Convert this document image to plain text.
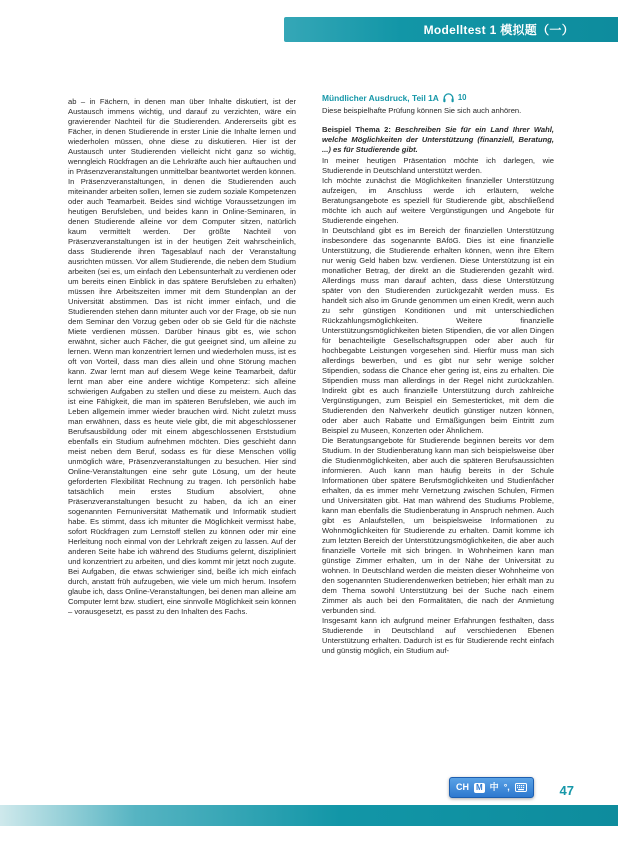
Modelltest 1 模拟题（一）

ab – in Fächern, in denen man über Inhalte diskutiert, ist der Austausch immens wichtig, und darauf zu verzichten, wäre ein gravierender Nachteil für die Studierenden. Andererseits gibt es Fächer, in denen Studierende in erster Linie die Inhalte lernen und wiederholen müssen, ohne diese zu diskutieren. Hier ist der Austausch unter Studierenden vielleicht nicht ganz so wichtig, wenngleich Rückfragen an die Lehrkräfte auch hier auftauchen und in Präsenzveranstaltungen unmittelbar beantwortet werden können. In Präsenzveranstaltungen, in denen die Studierenden auch miteinander arbeiten sollen, lernen sie zudem soziale Kompetenzen oder auch Teamarbeit. Beides sind wichtige Voraussetzungen im heutigen Berufsleben, und beides kann in Online-Seminaren, in denen Studierende alleine vor dem Computer sitzen, natürlich kaum vermittelt werden. Der größte Nachteil von Präsenzveranstaltungen ist in der heutigen Zeit wahrscheinlich, dass Studierende ihren Tagesablauf nach der Veranstaltung ausrichten müssen. Vor allem Studierende, die neben dem Studium arbeiten (sei es, um einfach den Lebensunterhalt zu verdienen oder um bereits einen Einblick in das spätere Berufsleben zu erhalten) müssen ihre Arbeitszeiten immer mit dem Stundenplan an der Universität abstimmen. Das ist nicht immer einfach, und die Studierenden stehen dann mitunter auch vor der Frage, ob sie nun dem Seminar den Vorzug geben oder ob sie Geld für die nächste Miete verdienen müssen. Darüber hinaus gibt es, wie schon erwähnt, sicher auch Fächer, die gut geeignet sind, um alleine zu lernen. Wenn man konzentriert lernen und wiederholen muss, ist es oft von Vorteil, dass man dies allein und ohne Störung machen kann. Zwar lernt man auf diesem Wege keine Teamarbeit, dafür lernt man aber eine andere wichtige Kompetenz: sich alleine schwierigen Aufgaben zu stellen und diese zu meistern. Auch das ist eine Fähigkeit, die man im späteren Berufsleben, wie auch im Leben allgemein immer wieder brauchen wird. Nicht zuletzt muss man erwähnen, dass es heute viele gibt, die mit abgeschlossener Berufsausbildung oder mit einem abgeschlossenen Erststudium ebenfalls ein Studium aufnehmen möchten. Dies geschieht dann meist neben dem Beruf, sodass es für diese Menschen völlig unmöglich wäre, Präsenzveranstaltungen zu besuchen. Hier sind Online-Veranstaltungen eine sehr gute Lösung, um der heute geforderten Flexibilität Rechnung zu tragen. Ich persönlich habe tatsächlich mein erstes Studium absolviert, ohne Präsenzveranstaltungen besucht zu haben, da ich an einer sogenannten Fernuniversität Mathematik und Informatik studiert habe. Es stimmt, dass ich mitunter die Möglichkeit vermisst habe, sofort Rückfragen zum Lernstoff stellen zu können oder mir eine Herleitung noch einmal von der Lehrkraft zeigen zu lassen. Auf der anderen Seite habe ich während des Studiums gelernt, diszipliniert und konzentriert zu arbeiten, und dies kommt mir jetzt noch zugute. Bei Aufgaben, die etwas schwieriger sind, beiße ich mich einfach durch, anstatt früh aufzugeben, wie viele um mich herum. Insofern glaube ich, dass Online-Veranstaltungen, bei denen man alleine am Computer lernt bzw. studiert, eine sinnvolle Möglichkeit sein können – vorausgesetzt, es passt zu den Inhalten des Fachs.

Mündlicher Ausdruck, Teil 1A 10

Diese beispielhafte Prüfung können Sie sich auch anhören.

Beispiel Thema 2: Beschreiben Sie für ein Land Ihrer Wahl, welche Möglichkeiten der Unterstützung (finanziell, Beratung, ...) es für Studierende gibt.

In meiner heutigen Präsentation möchte ich darlegen, wie Studierende in Deutschland unterstützt werden.

Ich möchte zunächst die Möglichkeiten finanzieller Unterstützung aufzeigen, im Anschluss werde ich erläutern, welche Beratungsangebote es speziell für Studierende gibt, abschließend möchte ich auch auf weitere Vergünstigungen und Angebote für Studierende eingehen.

In Deutschland gibt es im Bereich der finanziellen Unterstützung insbesondere das sogenannte BAföG. Dies ist eine finanzielle Unterstützung, die Studierende erhalten können, wenn ihre Eltern nur wenig Geld haben bzw. verdienen. Diese Unterstützung ist ein monatlicher Betrag, der direkt an die Studierenden gezahlt wird. Allerdings muss man darauf achten, dass diese Unterstützung später von den Studierenden zurückgezahlt werden muss. Es handelt sich also im Grunde genommen um einen Kredit, wenn auch zu sehr günstigen Konditionen und mit unterschiedlichen Rückzahlungsmöglichkeiten. Weitere finanzielle Unterstützungsmöglichkeiten bieten Stipendien, die vor allen Dingen für benachteiligte Gesellschaftsgruppen oder aber auch für hochbegabte Leistungen vorgesehen sind. Hierfür muss man sich allerdings bewerben, und es gibt nur sehr wenige solcher Stipendien, sodass die Chance eher gering ist, eins zu erhalten. Die Stipendien muss man allerdings in der Regel nicht zurückzahlen. Indirekt gibt es auch finanzielle Unterstützung durch zahlreiche Vergünstigungen, zum Beispiel ein Semesterticket, mit dem die Studierenden den Nahverkehr deutlich günstiger nutzen können, oder aber auch Rabatte und Ermäßigungen beim Eintritt zum Beispiel zu Museen, Konzerten oder Ähnlichem.

Die Beratungsangebote für Studierende beginnen bereits vor dem Studium. In der Studienberatung kann man sich beispielsweise über die Studienmöglichkeiten, aber auch die späteren Berufsaussichten informieren. Auch kann man häufig bereits in der Schule Informationen über spätere Berufsmöglichkeiten und Studienfächer erhalten, da es immer mehr Vernetzung zwischen Schulen, Firmen und Universitäten gibt. Hat man während des Studiums Probleme, kann man ebenfalls die Studienberatung in Anspruch nehmen. Auch gibt es Anlaufstellen, um beispielsweise Informationen zu Wohnmöglichkeiten für Studierende zu erhalten. Damit komme ich zum letzten Bereich der Unterstützungsmöglichkeiten, die aber auch finanzielle Vorteile mit sich bringen. In Wohnheimen kann man günstige Zimmer erhalten, um in der Nähe der Universität zu wohnen. In Deutschland werden die meisten dieser Wohnheime von den sogenannten Studierendenwerken betrieben; hier erhält man zu dem Thema sowohl Unterstützung bei der Suche nach einem Zimmer als auch bei den Formalitäten, die nach der Anmietung verbunden sind.

Insgesamt kann ich aufgrund meiner Erfahrungen festhalten, dass Studierende in Deutschland auf verschiedenen Ebenen Unterstützung erhalten. Dadurch ist es für Studierende recht einfach und günstig möglich, ein Studium auf-

47
CH M 中 °,
